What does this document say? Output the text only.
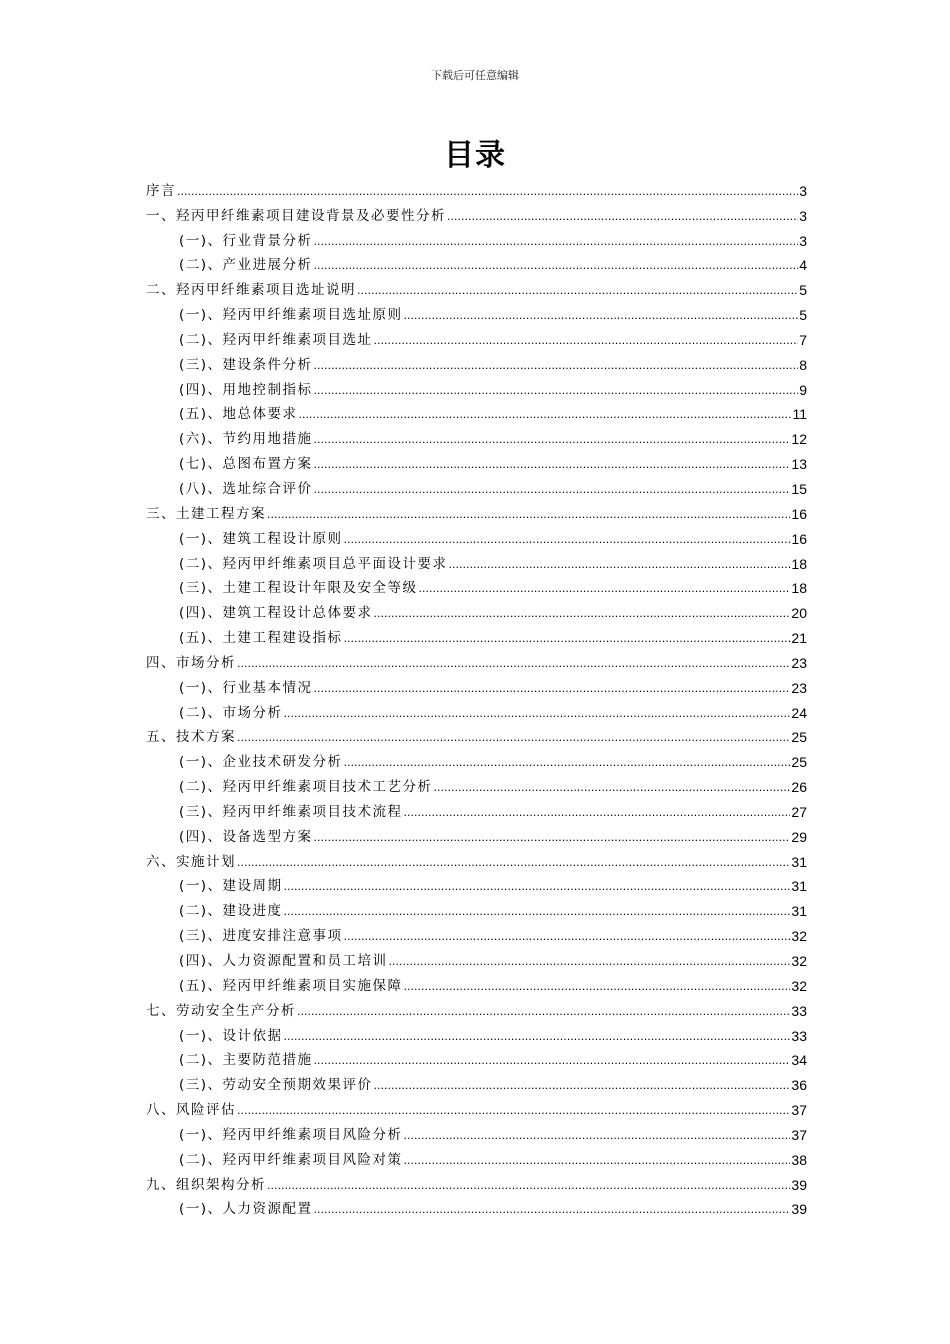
下载后可任意编辑
目录
序言 .....	3
一、羟丙甲纤维素项目建设背景及必要性分析 .....	3
(一)、行业背景分析 .....	3
(二)、产业进展分析 .....	4
二、羟丙甲纤维素项目选址说明 .....	5
(一)、羟丙甲纤维素项目选址原则 .....	5
(二)、羟丙甲纤维素项目选址 .....	7
(三)、建设条件分析 .....	8
(四)、用地控制指标 .....	9
(五)、地总体要求 .....	11
(六)、节约用地措施 .....	12
(七)、总图布置方案 .....	13
(八)、选址综合评价 .....	15
三、土建工程方案 .....	16
(一)、建筑工程设计原则 .....	16
(二)、羟丙甲纤维素项目总平面设计要求 .....	18
(三)、土建工程设计年限及安全等级 .....	18
(四)、建筑工程设计总体要求 .....	20
(五)、土建工程建设指标 .....	21
四、市场分析 .....	23
(一)、行业基本情况 .....	23
(二)、市场分析 .....	24
五、技术方案 .....	25
(一)、企业技术研发分析 .....	25
(二)、羟丙甲纤维素项目技术工艺分析 .....	26
(三)、羟丙甲纤维素项目技术流程 .....	27
(四)、设备选型方案 .....	29
六、实施计划 .....	31
(一)、建设周期 .....	31
(二)、建设进度 .....	31
(三)、进度安排注意事项 .....	32
(四)、人力资源配置和员工培训 .....	32
(五)、羟丙甲纤维素项目实施保障 .....	32
七、劳动安全生产分析 .....	33
(一)、设计依据 .....	33
(二)、主要防范措施 .....	34
(三)、劳动安全预期效果评价 .....	36
八、风险评估 .....	37
(一)、羟丙甲纤维素项目风险分析 .....	37
(二)、羟丙甲纤维素项目风险对策 .....	38
九、组织架构分析 .....	39
(一)、人力资源配置 .....	39
